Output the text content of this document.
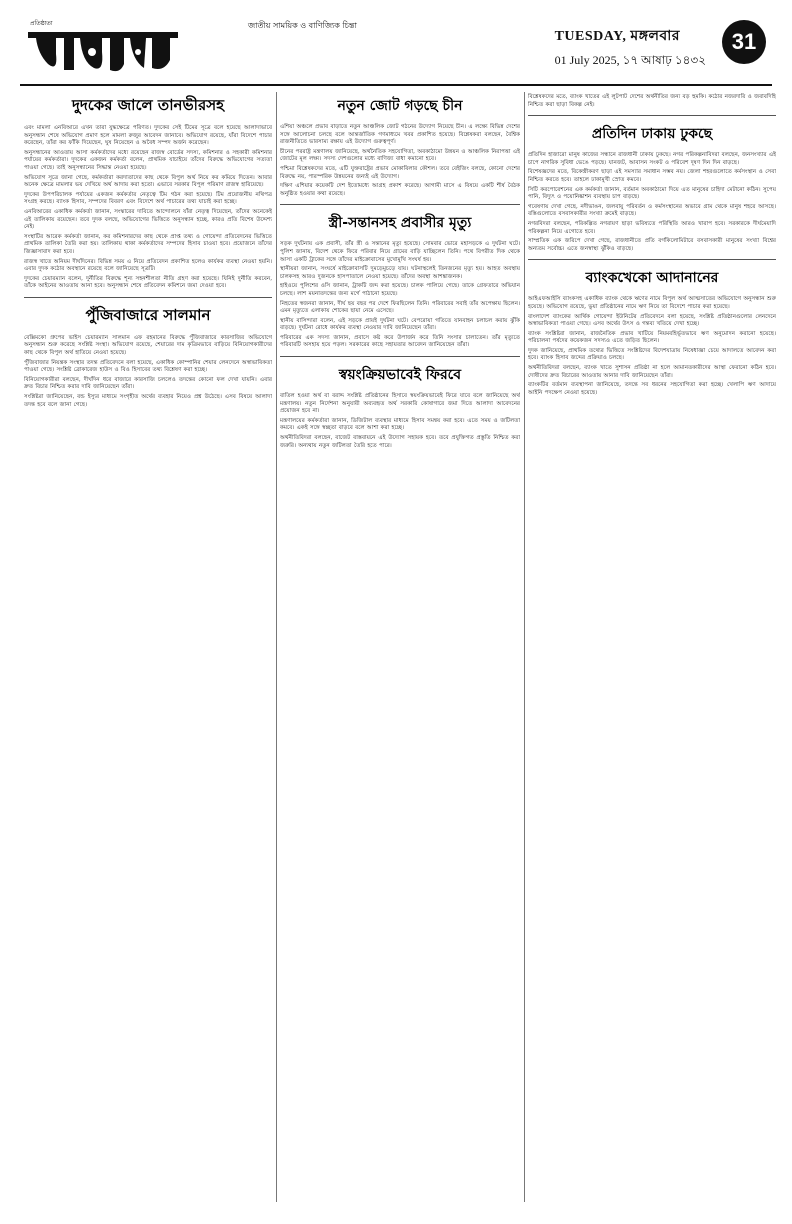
প্রতিষ্ঠাতা	জাতীয় সাময়িক ও বাণিজ্যিক চিন্তা
TUESDAY, মঙ্গলবার
01 July 2025, ১৭ আষাঢ় ১৪৩২
31
দুদকের জালে তানভীরসহ

এবং মামলা এনবিআরে এখন তারা যুদ্ধক্ষেত্রে পরিণত। দুদকের সেই টিমের সূত্রে বলে হয়েছে আলাদাভাবে অনুসন্ধান শেষে অভিযোগ প্রমাণ হলে মামলা রুজুর আবেদন জানাবে। অভিযোগ রয়েছে, যাঁরা বিদেশে পাচার করেছেন, তাঁরা কর ফাঁকি দিয়েছেন, ঘুষ নিয়েছেন ও অবৈধ সম্পদ অর্জন করেছেন।

অনুসন্ধানের আওতায় আসা কর্মকর্তাদের মধ্যে রয়েছেন রাজস্ব বোর্ডের সদস্য, কমিশনার ও সহকারী কমিশনার পর্যায়ের কর্মকর্তারা। দুদকের একজন কর্মকর্তা বলেন, প্রাথমিক যাচাইয়ে তাঁদের বিরুদ্ধে অভিযোগের সত্যতা পাওয়া গেছে। তাই অনুসন্ধানের সিদ্ধান্ত নেওয়া হয়েছে।

অভিযোগ সূত্রে জানা গেছে, কর্মকর্তারা করদাতাদের কাছ থেকে বিপুল অর্থ নিয়ে কর কমিয়ে দিতেন। আবার অনেক ক্ষেত্রে মামলার ভয় দেখিয়ে অর্থ আদায় করা হতো। এভাবে সরকার বিপুল পরিমাণ রাজস্ব হারিয়েছে।

দুদকের উপপরিচালক পর্যায়ের একজন কর্মকর্তার নেতৃত্বে টিম গঠন করা হয়েছে। টিম প্রয়োজনীয় নথিপত্র সংগ্রহ করছে। ব্যাংক হিসাব, সম্পদের বিবরণ এবং বিদেশে অর্থ পাচারের তথ্য যাচাই করা হচ্ছে।

এনবিআরের একাধিক কর্মকর্তা জানান, সংস্কারের দাবিতে আন্দোলনে যাঁরা নেতৃত্ব দিয়েছেন, তাঁদের অনেকেই এই তালিকায় রয়েছেন। তবে দুদক বলছে, অভিযোগের ভিত্তিতে অনুসন্ধান হচ্ছে, কারও প্রতি বিশেষ উদ্দেশ্য নেই।

সংস্থাটির আরেক কর্মকর্তা জানান, কর কমিশনারদের কাছ থেকে প্রাপ্ত তথ্য ও গোয়েন্দা প্রতিবেদনের ভিত্তিতে প্রাথমিক তালিকা তৈরি করা হয়। তালিকায় থাকা কর্মকর্তাদের সম্পদের হিসাব চাওয়া হবে। প্রয়োজনে তাঁদের জিজ্ঞাসাবাদ করা হবে।

রাজস্ব খাতে অনিয়ম দীর্ঘদিনের। বিভিন্ন সময় এ নিয়ে প্রতিবেদন প্রকাশিত হলেও কার্যকর ব্যবস্থা নেওয়া হয়নি। এবার দুদক কঠোর অবস্থানে রয়েছে বলে জানিয়েছে সূত্রটি।

দুদকের চেয়ারম্যান বলেন, দুর্নীতির বিরুদ্ধে শূন্য সহনশীলতা নীতি গ্রহণ করা হয়েছে। যিনিই দুর্নীতি করবেন, তাঁকে আইনের আওতায় আনা হবে। অনুসন্ধান শেষে প্রতিবেদন কমিশনে জমা দেওয়া হবে।

পুঁজিবাজারে সালমান

বেক্সিমকো গ্রুপের ভাইস চেয়ারম্যান সালমান এফ রহমানের বিরুদ্ধে পুঁজিবাজারে কারসাজির অভিযোগে অনুসন্ধান শুরু করেছে সংশ্লিষ্ট সংস্থা। অভিযোগ রয়েছে, শেয়ারের দাম কৃত্রিমভাবে বাড়িয়ে বিনিয়োগকারীদের কাছ থেকে বিপুল অর্থ হাতিয়ে নেওয়া হয়েছে।

পুঁজিবাজার নিয়ন্ত্রক সংস্থার তদন্ত প্রতিবেদনে বলা হয়েছে, একাধিক কোম্পানির শেয়ার লেনদেনে অস্বাভাবিকতা পাওয়া গেছে। সংশ্লিষ্ট ব্রোকারেজ হাউস ও বিও হিসাবের তথ্য বিশ্লেষণ করা হচ্ছে।

বিনিয়োগকারীরা বলছেন, দীর্ঘদিন ধরে বাজারে কারসাজি চললেও তদন্তের কোনো ফল দেখা যায়নি। এবার দ্রুত বিচার নিশ্চিত করার দাবি জানিয়েছেন তাঁরা।

সংশ্লিষ্টরা জানিয়েছেন, বন্ড ইস্যুর মাধ্যমে সংগৃহীত অর্থের ব্যবহার নিয়েও প্রশ্ন উঠেছে। এসব বিষয়ে আলাদা তদন্ত হবে বলে জানা গেছে।

নতুন জোট গড়ছে চীন

এশিয়া অঞ্চলে প্রভাব বাড়াতে নতুন আঞ্চলিক জোট গঠনের উদ্যোগ নিয়েছে চীন। এ লক্ষ্যে বিভিন্ন দেশের সঙ্গে আলোচনা চলছে বলে আন্তর্জাতিক গণমাধ্যমে খবর প্রকাশিত হয়েছে। বিশ্লেষকরা বলছেন, বৈশ্বিক রাজনীতিতে ভারসাম্য রক্ষায় এই উদ্যোগ গুরুত্বপূর্ণ।

চীনের পররাষ্ট্র মন্ত্রণালয় জানিয়েছে, অর্থনৈতিক সহযোগিতা, অবকাঠামো উন্নয়ন ও আঞ্চলিক নিরাপত্তা এই জোটের মূল লক্ষ্য। সদস্য দেশগুলোর মধ্যে বাণিজ্য বাধা কমানো হবে।

পশ্চিমা বিশ্লেষকদের মতে, এটি যুক্তরাষ্ট্রের প্রভাব মোকাবিলার কৌশল। তবে বেইজিং বলছে, কোনো দেশের বিরুদ্ধে নয়, পারস্পরিক উন্নয়নের জন্যই এই উদ্যোগ।

দক্ষিণ এশিয়ার কয়েকটি দেশ ইতোমধ্যে আগ্রহ প্রকাশ করেছে। আগামী মাসে এ বিষয়ে একটি শীর্ষ বৈঠক অনুষ্ঠিত হওয়ার কথা রয়েছে।

স্ত্রী-সন্তানসহ প্রবাসীর মৃত্যু

সড়ক দুর্ঘটনায় এক প্রবাসী, তাঁর স্ত্রী ও সন্তানের মৃত্যু হয়েছে। সোমবার ভোরে মহাসড়কে এ দুর্ঘটনা ঘটে। পুলিশ জানায়, বিদেশ থেকে ফিরে পরিবার নিয়ে গ্রামের বাড়ি যাচ্ছিলেন তিনি। পথে বিপরীত দিক থেকে আসা একটি ট্রাকের সঙ্গে তাঁদের মাইক্রোবাসের মুখোমুখি সংঘর্ষ হয়।

স্থানীয়রা জানান, সংঘর্ষে মাইক্রোবাসটি দুমড়েমুচড়ে যায়। ঘটনাস্থলেই তিনজনের মৃত্যু হয়। আহত অবস্থায় চালকসহ আরও দুজনকে হাসপাতালে নেওয়া হয়েছে। তাঁদের অবস্থা আশঙ্কাজনক।

হাইওয়ে পুলিশের ওসি জানান, ট্রাকটি জব্দ করা হয়েছে। চালক পালিয়ে গেছে। তাকে গ্রেফতারে অভিযান চলছে। লাশ ময়নাতদন্তের জন্য মর্গে পাঠানো হয়েছে।

নিহতের স্বজনরা জানান, দীর্ঘ ছয় বছর পর দেশে ফিরছিলেন তিনি। পরিবারের সবাই তাঁর অপেক্ষায় ছিলেন। এমন মৃত্যুতে এলাকায় শোকের ছায়া নেমে এসেছে।

স্থানীয় বাসিন্দারা বলেন, এই সড়কে প্রায়ই দুর্ঘটনা ঘটে। বেপরোয়া গতিতে যানবাহন চলাচল করায় ঝুঁকি বাড়ছে। দুর্ঘটনা রোধে কার্যকর ব্যবস্থা নেওয়ার দাবি জানিয়েছেন তাঁরা।

পরিবারের এক সদস্য জানান, প্রবাসে কষ্ট করে উপার্জন করে তিনি সংসার চালাতেন। তাঁর মৃত্যুতে পরিবারটি অসহায় হয়ে পড়ল। সরকারের কাছে সহায়তার আবেদন জানিয়েছেন তাঁরা।

স্বয়ংক্রিয়ভাবেই ফিরবে

বাতিল হওয়া অর্থ বা বরাদ্দ সংশ্লিষ্ট প্রতিষ্ঠানের হিসাবে স্বয়ংক্রিয়ভাবেই ফিরে যাবে বলে জানিয়েছে অর্থ মন্ত্রণালয়। নতুন নির্দেশনা অনুযায়ী অব্যবহৃত অর্থ সরকারি কোষাগারে জমা দিতে আলাদা আবেদনের প্রয়োজন হবে না।

মন্ত্রণালয়ের কর্মকর্তারা জানান, ডিজিটাল ব্যবস্থার মাধ্যমে হিসাব সমন্বয় করা হবে। এতে সময় ও জটিলতা কমবে। একই সঙ্গে স্বচ্ছতা বাড়বে বলে আশা করা হচ্ছে।

অর্থনীতিবিদরা বলছেন, বাজেট বাস্তবায়নে এই উদ্যোগ সহায়ক হবে। তবে প্রযুক্তিগত প্রস্তুতি নিশ্চিত করা জরুরি। অন্যথায় নতুন জটিলতা তৈরি হতে পারে।

বিশ্লেষকদের মতে, ব্যাংক খাতের এই লুটপাট দেশের অর্থনীতির জন্য বড় হুমকি। কঠোর নজরদারি ও জবাবদিহি নিশ্চিত করা ছাড়া বিকল্প নেই।

প্রতিদিন ঢাকায় ঢুকছে

প্রতিদিন হাজারো মানুষ কাজের সন্ধানে রাজধানী ঢাকায় ঢুকছে। নগর পরিকল্পনাবিদরা বলছেন, জনসংখ্যার এই চাপে নাগরিক সুবিধা ভেঙে পড়ছে। যানজট, আবাসন সংকট ও পরিবেশ দূষণ দিন দিন বাড়ছে।

বিশেষজ্ঞদের মতে, বিকেন্দ্রীকরণ ছাড়া এই সমস্যার সমাধান সম্ভব নয়। জেলা শহরগুলোতে কর্মসংস্থান ও সেবা নিশ্চিত করতে হবে। তাহলে ঢাকামুখী স্রোত কমবে।

সিটি করপোরেশনের এক কর্মকর্তা জানান, বর্তমান অবকাঠামো দিয়ে এত মানুষের চাহিদা মেটানো কঠিন। সুপেয় পানি, বিদ্যুৎ ও পয়োনিষ্কাশন ব্যবস্থায় চাপ বাড়ছে।

গবেষণায় দেখা গেছে, নদীভাঙন, জলবায়ু পরিবর্তন ও কর্মসংস্থানের অভাবে গ্রাম থেকে মানুষ শহরে আসছে। বস্তিগুলোতে বসবাসকারীর সংখ্যা ক্রমেই বাড়ছে।

নগরবিদরা বলছেন, পরিকল্পিত নগরায়ণ ছাড়া ভবিষ্যতে পরিস্থিতি আরও খারাপ হবে। সরকারকে দীর্ঘমেয়াদি পরিকল্পনা নিয়ে এগোতে হবে।

সাম্প্রতিক এক জরিপে দেখা গেছে, রাজধানীতে প্রতি বর্গকিলোমিটারে বসবাসকারী মানুষের সংখ্যা বিশ্বের অন্যতম সর্বোচ্চ। এতে জনস্বাস্থ্য ঝুঁকিও বাড়ছে।

ব্যাংকখেকো আদানানের

আইএফআইসি ব্যাংকসহ একাধিক ব্যাংক থেকে ঋণের নামে বিপুল অর্থ আত্মসাতের অভিযোগে অনুসন্ধান শুরু হয়েছে। অভিযোগ রয়েছে, ভুয়া প্রতিষ্ঠানের নামে ঋণ নিয়ে তা বিদেশে পাচার করা হয়েছে।

বাংলাদেশ ব্যাংকের আর্থিক গোয়েন্দা ইউনিটের প্রতিবেদনে বলা হয়েছে, সংশ্লিষ্ট প্রতিষ্ঠানগুলোর লেনদেনে অস্বাভাবিকতা পাওয়া গেছে। এসব অর্থের উৎস ও গন্তব্য খতিয়ে দেখা হচ্ছে।

ব্যাংক সংশ্লিষ্টরা জানান, রাজনৈতিক প্রভাব খাটিয়ে নিয়মবহির্ভূতভাবে ঋণ অনুমোদন করানো হয়েছে। পরিচালনা পর্ষদের কয়েকজন সদস্যও এতে জড়িত ছিলেন।

দুদক জানিয়েছে, প্রাথমিক তথ্যের ভিত্তিতে সংশ্লিষ্টদের বিদেশযাত্রায় নিষেধাজ্ঞা চেয়ে আদালতে আবেদন করা হবে। ব্যাংক হিসাব জব্দের প্রক্রিয়াও চলছে।

অর্থনীতিবিদরা বলছেন, ব্যাংক খাতে সুশাসন প্রতিষ্ঠা না হলে আমানতকারীদের আস্থা ফেরানো কঠিন হবে। দোষীদের দ্রুত বিচারের আওতায় আনার দাবি জানিয়েছেন তাঁরা।

ব্যাংকটির বর্তমান ব্যবস্থাপনা জানিয়েছে, তদন্তে সব ধরনের সহযোগিতা করা হচ্ছে। খেলাপি ঋণ আদায়ে আইনি পদক্ষেপ নেওয়া হয়েছে।
